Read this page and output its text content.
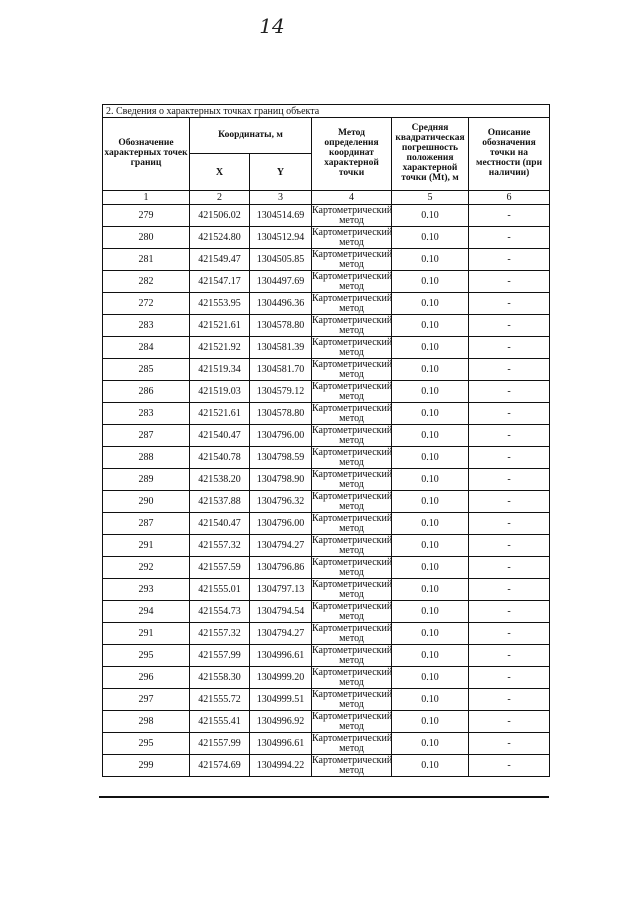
14
2. Сведения о характерных точках границ объекта					
Обозначение характерных точек границ	Координаты, м		Метод определения координат характерной точки	Средняя квадратическая погрешность положения характерной точки (Mt), м	Описание обозначения точки на местности (при наличии)
	X	Y			
1	2	3	4	5	6
279	421506.02	1304514.69	Картометрический метод	0.10	-
280	421524.80	1304512.94	Картометрический метод	0.10	-
281	421549.47	1304505.85	Картометрический метод	0.10	-
282	421547.17	1304497.69	Картометрический метод	0.10	-
272	421553.95	1304496.36	Картометрический метод	0.10	-
283	421521.61	1304578.80	Картометрический метод	0.10	-
284	421521.92	1304581.39	Картометрический метод	0.10	-
285	421519.34	1304581.70	Картометрический метод	0.10	-
286	421519.03	1304579.12	Картометрический метод	0.10	-
283	421521.61	1304578.80	Картометрический метод	0.10	-
287	421540.47	1304796.00	Картометрический метод	0.10	-
288	421540.78	1304798.59	Картометрический метод	0.10	-
289	421538.20	1304798.90	Картометрический метод	0.10	-
290	421537.88	1304796.32	Картометрический метод	0.10	-
287	421540.47	1304796.00	Картометрический метод	0.10	-
291	421557.32	1304794.27	Картометрический метод	0.10	-
292	421557.59	1304796.86	Картометрический метод	0.10	-
293	421555.01	1304797.13	Картометрический метод	0.10	-
294	421554.73	1304794.54	Картометрический метод	0.10	-
291	421557.32	1304794.27	Картометрический метод	0.10	-
295	421557.99	1304996.61	Картометрический метод	0.10	-
296	421558.30	1304999.20	Картометрический метод	0.10	-
297	421555.72	1304999.51	Картометрический метод	0.10	-
298	421555.41	1304996.92	Картометрический метод	0.10	-
295	421557.99	1304996.61	Картометрический метод	0.10	-
299	421574.69	1304994.22	Картометрический метод	0.10	-
